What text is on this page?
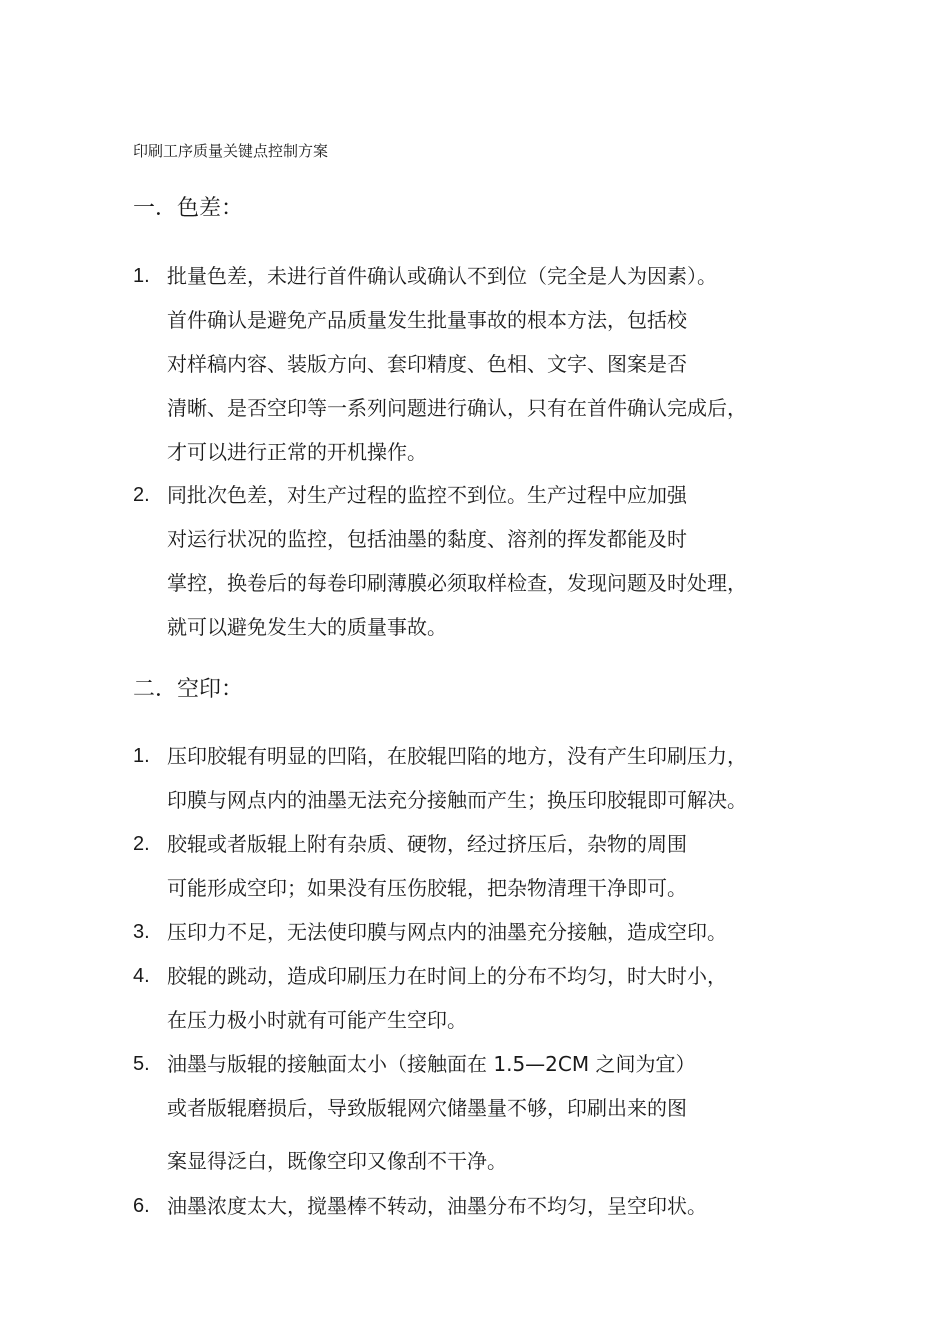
印刷工序质量关键点控制方案
一．色差：
1. 批量色差，未进行首件确认或确认不到位（完全是人为因素）。
首件确认是避免产品质量发生批量事故的根本方法，包括校
对样稿内容、装版方向、套印精度、色相、文字、图案是否
清晰、是否空印等一系列问题进行确认，只有在首件确认完成后，
才可以进行正常的开机操作。
2. 同批次色差，对生产过程的监控不到位。生产过程中应加强
对运行状况的监控，包括油墨的黏度、溶剂的挥发都能及时
掌控，换卷后的每卷印刷薄膜必须取样检查，发现问题及时处理，
就可以避免发生大的质量事故。
二．空印：
1. 压印胶辊有明显的凹陷，在胶辊凹陷的地方，没有产生印刷压力，
印膜与网点内的油墨无法充分接触而产生；换压印胶辊即可解决。
2. 胶辊或者版辊上附有杂质、硬物，经过挤压后，杂物的周围
可能形成空印；如果没有压伤胶辊，把杂物清理干净即可。
3. 压印力不足，无法使印膜与网点内的油墨充分接触，造成空印。
4. 胶辊的跳动，造成印刷压力在时间上的分布不均匀，时大时小，
在压力极小时就有可能产生空印。
5. 油墨与版辊的接触面太小（接触面在 1.5—2CM 之间为宜）
或者版辊磨损后，导致版辊网穴储墨量不够，印刷出来的图
案显得泛白，既像空印又像刮不干净。
6. 油墨浓度太大，搅墨棒不转动，油墨分布不均匀，呈空印状。
